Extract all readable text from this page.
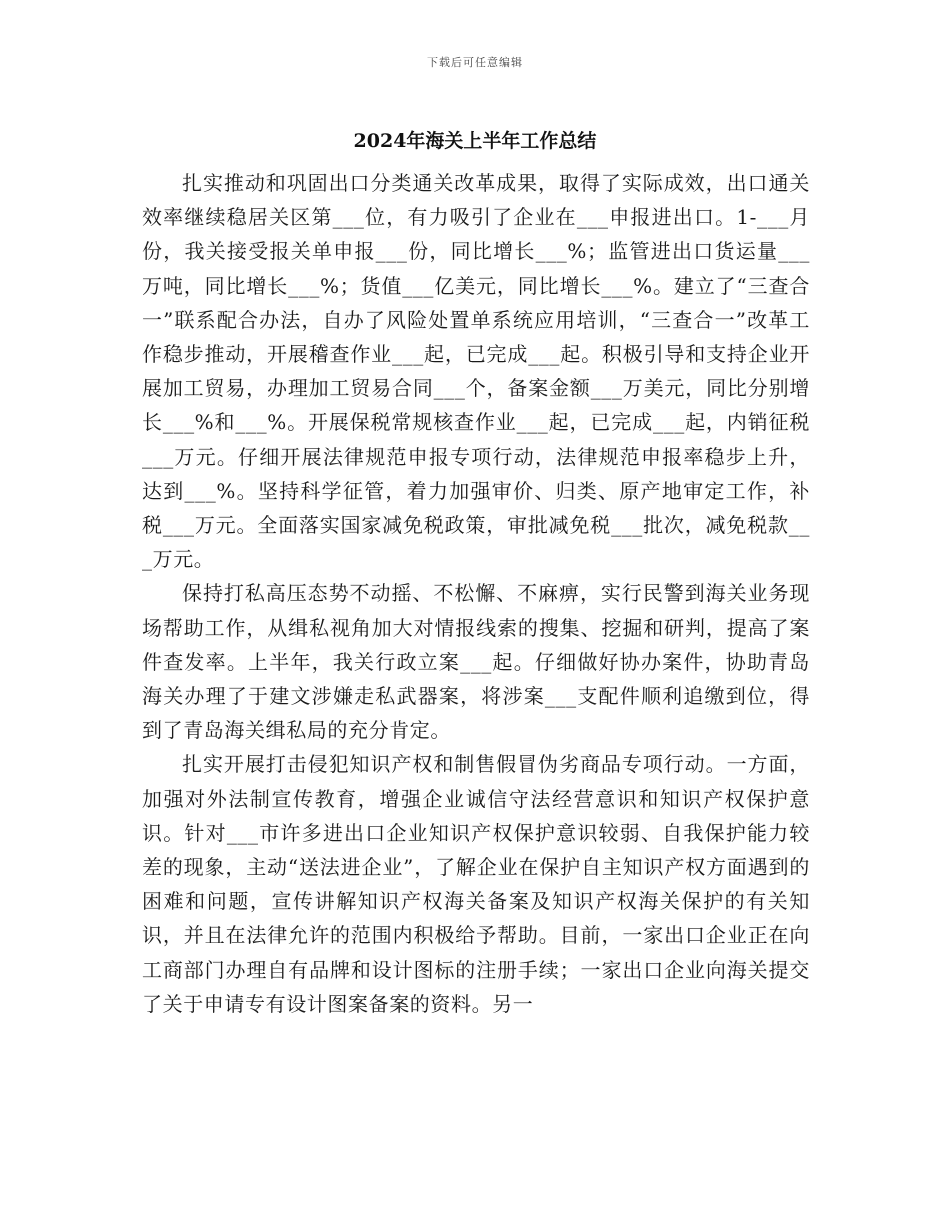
下载后可任意编辑
2024年海关上半年工作总结

扎实推动和巩固出口分类通关改革成果，取得了实际成效，出口通关效率继续稳居关区第___位，有力吸引了企业在___申报进出口。1-___月份，我关接受报关单申报___份，同比增长___%；监管进出口货运量___万吨，同比增长___%；货值___亿美元，同比增长___%。建立了“三查合一”联系配合办法，自办了风险处置单系统应用培训，“三查合一”改革工作稳步推动，开展稽查作业___起，已完成___起。积极引导和支持企业开展加工贸易，办理加工贸易合同___个，备案金额___万美元，同比分别增长___%和___%。开展保税常规核查作业___起，已完成___起，内销征税___万元。仔细开展法律规范申报专项行动，法律规范申报率稳步上升，达到___%。坚持科学征管，着力加强审价、归类、原产地审定工作，补税___万元。全面落实国家减免税政策，审批减免税___批次，减免税款___万元。

保持打私高压态势不动摇、不松懈、不麻痹，实行民警到海关业务现场帮助工作，从缉私视角加大对情报线索的搜集、挖掘和研判，提高了案件查发率。上半年，我关行政立案___起。仔细做好协办案件，协助青岛海关办理了于建文涉嫌走私武器案，将涉案___支配件顺利追缴到位，得到了青岛海关缉私局的充分肯定。

扎实开展打击侵犯知识产权和制售假冒伪劣商品专项行动。一方面，加强对外法制宣传教育，增强企业诚信守法经营意识和知识产权保护意识。针对___市许多进出口企业知识产权保护意识较弱、自我保护能力较差的现象，主动“送法进企业”，了解企业在保护自主知识产权方面遇到的困难和问题，宣传讲解知识产权海关备案及知识产权海关保护的有关知识，并且在法律允许的范围内积极给予帮助。目前，一家出口企业正在向工商部门办理自有品牌和设计图标的注册手续；一家出口企业向海关提交了关于申请专有设计图案备案的资料。另一
